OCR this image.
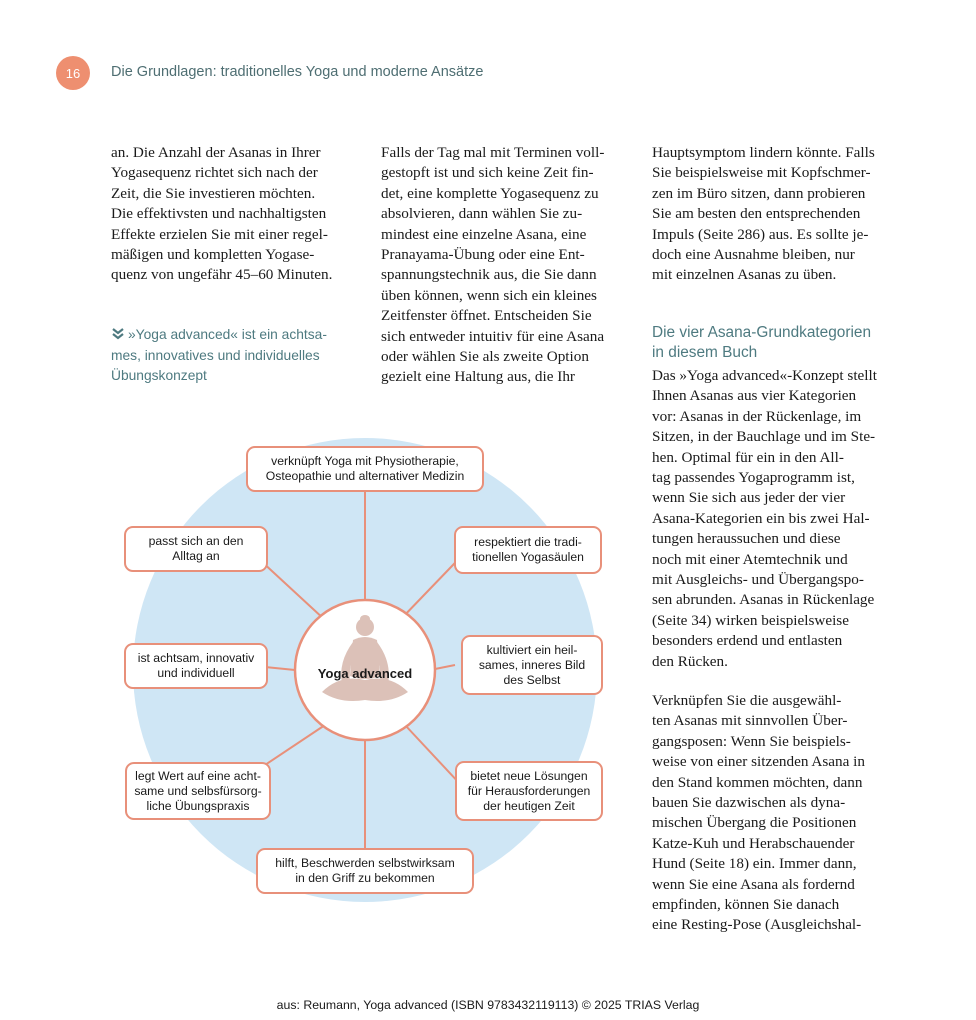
16 Die Grundlagen: traditionelles Yoga und moderne Ansätze
an. Die Anzahl der Asanas in Ihrer
Yogasequenz richtet sich nach der
Zeit, die Sie investieren möchten.
Die effektivsten und nachhaltigsten
Effekte erzielen Sie mit einer regel-
mäßigen und kompletten Yogase-
quenz von ungefähr 45–60 Minuten.
»Yoga advanced« ist ein achtsa-
mes, innovatives und individuelles
Übungskonzept
Falls der Tag mal mit Terminen voll-
gestopft ist und sich keine Zeit fin-
det, eine komplette Yogasequenz zu
absolvieren, dann wählen Sie zu-
mindest eine einzelne Asana, eine
Pranayama-Übung oder eine Ent-
spannungstechnik aus, die Sie dann
üben können, wenn sich ein kleines
Zeitfenster öffnet. Entscheiden Sie
sich entweder intuitiv für eine Asana
oder wählen Sie als zweite Option
gezielt eine Haltung aus, die Ihr
Hauptsymptom lindern könnte. Falls
Sie beispielsweise mit Kopfschmer-
zen im Büro sitzen, dann probieren
Sie am besten den entsprechenden
Impuls (Seite 286) aus. Es sollte je-
doch eine Ausnahme bleiben, nur
mit einzelnen Asanas zu üben.
Die vier Asana-Grundkategorien
in diesem Buch
Das »Yoga advanced«-Konzept stellt
Ihnen Asanas aus vier Kategorien
vor: Asanas in der Rückenlage, im
Sitzen, in der Bauchlage und im Ste-
hen. Optimal für ein in den All-
tag passendes Yogaprogramm ist,
wenn Sie sich aus jeder der vier
Asana-Kategorien ein bis zwei Hal-
tungen heraussuchen und diese
noch mit einer Atemtechnik und
mit Ausgleichs- und Übergangspo-
sen abrunden. Asanas in Rückenlage
(Seite 34) wirken beispielsweise
besonders erdend und entlasten
den Rücken.
Verknüpfen Sie die ausgewähl-
ten Asanas mit sinnvollen Über-
gangsposen: Wenn Sie beispiels-
weise von einer sitzenden Asana in
den Stand kommen möchten, dann
bauen Sie dazwischen als dyna-
mischen Übergang die Positionen
Katze-Kuh und Herabschauender
Hund (Seite 18) ein. Immer dann,
wenn Sie eine Asana als fordernd
empfinden, können Sie danach
eine Resting-Pose (Ausgleichshal-
Yoga advanced
verknüpft Yoga mit Physiotherapie,
Osteopathie und alternativer Medizin
respektiert die tradi-
tionellen Yogasäulen
kultiviert ein heil-
sames, inneres Bild
des Selbst
bietet neue Lösungen
für Herausforderungen
der heutigen Zeit
hilft, Beschwerden selbstwirksam
in den Griff zu bekommen
legt Wert auf eine acht-
same und selbsfürsorg-
liche Übungspraxis
ist achtsam, innovativ
und individuell
passt sich an den
Alltag an
aus: Reumann, Yoga advanced (ISBN 9783432119113) © 2025 TRIAS Verlag
